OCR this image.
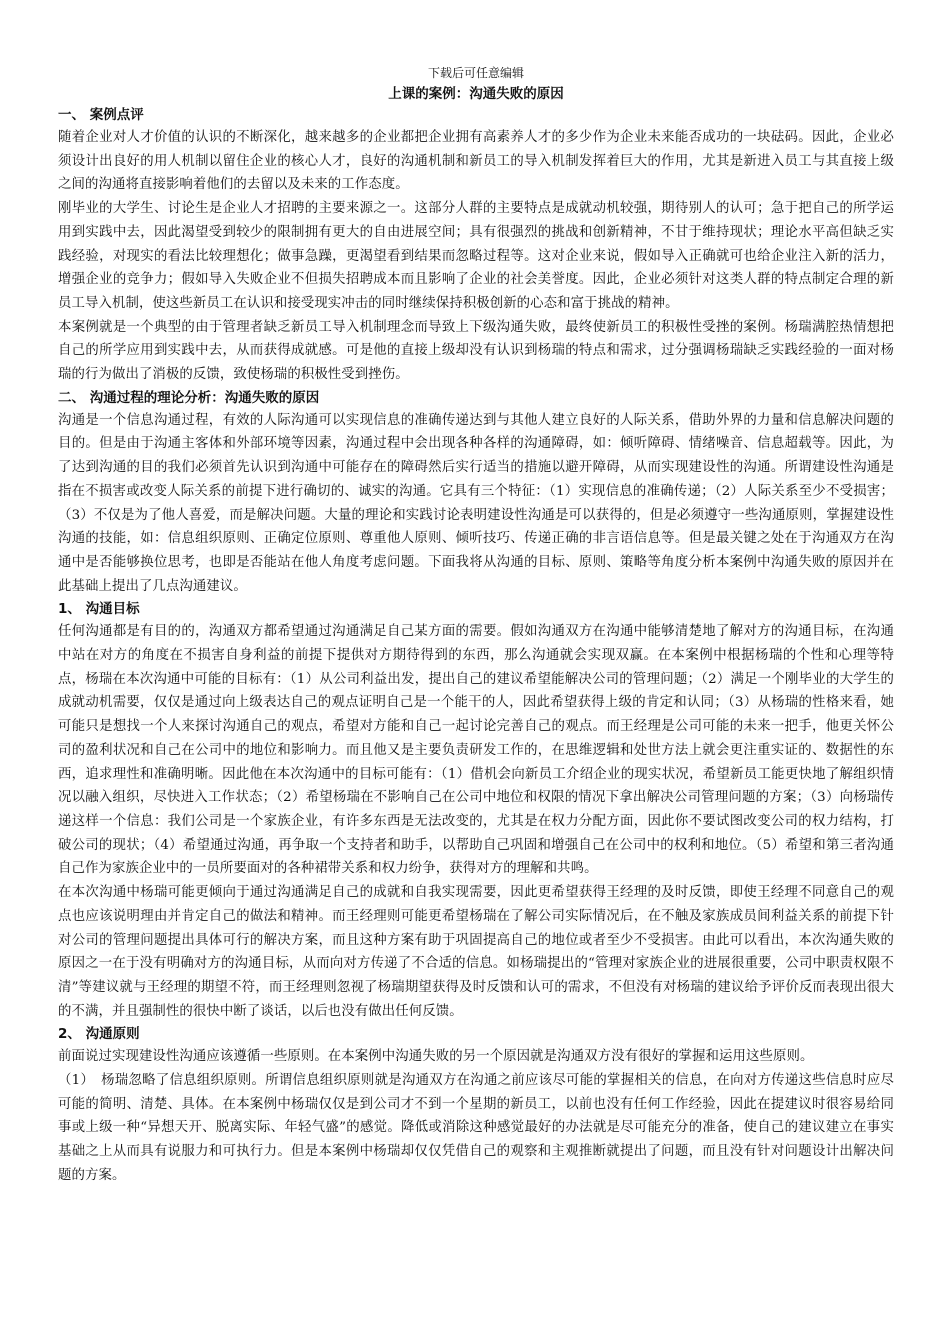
下载后可任意编辑

上课的案例：沟通失败的原因

一、 案例点评

随着企业对人才价值的认识的不断深化，越来越多的企业都把企业拥有高素养人才的多少作为企业未来能否成功的一块砝码。因此，企业必须设计出良好的用人机制以留住企业的核心人才，良好的沟通机制和新员工的导入机制发挥着巨大的作用，尤其是新进入员工与其直接上级之间的沟通将直接影响着他们的去留以及未来的工作态度。

刚毕业的大学生、讨论生是企业人才招聘的主要来源之一。这部分人群的主要特点是成就动机较强，期待别人的认可；急于把自己的所学运用到实践中去，因此渴望受到较少的限制拥有更大的自由进展空间；具有很强烈的挑战和创新精神，不甘于维持现状；理论水平高但缺乏实践经验，对现实的看法比较理想化；做事急躁，更渴望看到结果而忽略过程等。这对企业来说，假如导入正确就可也给企业注入新的活力，增强企业的竞争力；假如导入失败企业不但损失招聘成本而且影响了企业的社会美誉度。因此，企业必须针对这类人群的特点制定合理的新员工导入机制，使这些新员工在认识和接受现实冲击的同时继续保持积极创新的心态和富于挑战的精神。

本案例就是一个典型的由于管理者缺乏新员工导入机制理念而导致上下级沟通失败，最终使新员工的积极性受挫的案例。杨瑞满腔热情想把自己的所学应用到实践中去，从而获得成就感。可是他的直接上级却没有认识到杨瑞的特点和需求，过分强调杨瑞缺乏实践经验的一面对杨瑞的行为做出了消极的反馈，致使杨瑞的积极性受到挫伤。

二、 沟通过程的理论分析：沟通失败的原因

沟通是一个信息沟通过程，有效的人际沟通可以实现信息的准确传递达到与其他人建立良好的人际关系，借助外界的力量和信息解决问题的目的。但是由于沟通主客体和外部环境等因素，沟通过程中会出现各种各样的沟通障碍，如：倾听障碍、情绪噪音、信息超载等。因此，为了达到沟通的目的我们必须首先认识到沟通中可能存在的障碍然后实行适当的措施以避开障碍，从而实现建设性的沟通。所谓建设性沟通是指在不损害或改变人际关系的前提下进行确切的、诚实的沟通。它具有三个特征：（1）实现信息的准确传递；（2）人际关系至少不受损害；（3）不仅是为了他人喜爱，而是解决问题。大量的理论和实践讨论表明建设性沟通是可以获得的，但是必须遵守一些沟通原则，掌握建设性沟通的技能，如：信息组织原则、正确定位原则、尊重他人原则、倾听技巧、传递正确的非言语信息等。但是最关键之处在于沟通双方在沟通中是否能够换位思考，也即是否能站在他人角度考虑问题。下面我将从沟通的目标、原则、策略等角度分析本案例中沟通失败的原因并在此基础上提出了几点沟通建议。

1、 沟通目标

任何沟通都是有目的的，沟通双方都希望通过沟通满足自己某方面的需要。假如沟通双方在沟通中能够清楚地了解对方的沟通目标，在沟通中站在对方的角度在不损害自身利益的前提下提供对方期待得到的东西，那么沟通就会实现双赢。在本案例中根据杨瑞的个性和心理等特点，杨瑞在本次沟通中可能的目标有：（1）从公司利益出发，提出自己的建议希望能解决公司的管理问题；（2）满足一个刚毕业的大学生的成就动机需要，仅仅是通过向上级表达自己的观点证明自己是一个能干的人，因此希望获得上级的肯定和认同；（3）从杨瑞的性格来看，她可能只是想找一个人来探讨沟通自己的观点，希望对方能和自己一起讨论完善自己的观点。而王经理是公司可能的未来一把手，他更关怀公司的盈利状况和自己在公司中的地位和影响力。而且他又是主要负责研发工作的，在思维逻辑和处世方法上就会更注重实证的、数据性的东西，追求理性和准确明晰。因此他在本次沟通中的目标可能有：（1）借机会向新员工介绍企业的现实状况，希望新员工能更快地了解组织情况以融入组织，尽快进入工作状态；（2）希望杨瑞在不影响自己在公司中地位和权限的情况下拿出解决公司管理问题的方案；（3）向杨瑞传递这样一个信息：我们公司是一个家族企业，有许多东西是无法改变的，尤其是在权力分配方面，因此你不要试图改变公司的权力结构，打破公司的现状；（4）希望通过沟通，再争取一个支持者和助手，以帮助自己巩固和增强自己在公司中的权利和地位。（5）希望和第三者沟通自己作为家族企业中的一员所要面对的各种裙带关系和权力纷争，获得对方的理解和共鸣。

在本次沟通中杨瑞可能更倾向于通过沟通满足自己的成就和自我实现需要，因此更希望获得王经理的及时反馈，即使王经理不同意自己的观点也应该说明理由并肯定自己的做法和精神。而王经理则可能更希望杨瑞在了解公司实际情况后，在不触及家族成员间利益关系的前提下针对公司的管理问题提出具体可行的解决方案，而且这种方案有助于巩固提高自己的地位或者至少不受损害。由此可以看出，本次沟通失败的原因之一在于没有明确对方的沟通目标，从而向对方传递了不合适的信息。如杨瑞提出的“管理对家族企业的进展很重要，公司中职责权限不清”等建议就与王经理的期望不符，而王经理则忽视了杨瑞期望获得及时反馈和认可的需求，不但没有对杨瑞的建议给予评价反而表现出很大的不满，并且强制性的很快中断了谈话，以后也没有做出任何反馈。

2、 沟通原则

前面说过实现建设性沟通应该遵循一些原则。在本案例中沟通失败的另一个原因就是沟通双方没有很好的掌握和运用这些原则。

（1）　杨瑞忽略了信息组织原则。所谓信息组织原则就是沟通双方在沟通之前应该尽可能的掌握相关的信息，在向对方传递这些信息时应尽可能的简明、清楚、具体。在本案例中杨瑞仅仅是到公司才不到一个星期的新员工，以前也没有任何工作经验，因此在提建议时很容易给同事或上级一种“异想天开、脱离实际、年轻气盛”的感觉。降低或消除这种感觉最好的办法就是尽可能充分的准备，使自己的建议建立在事实基础之上从而具有说服力和可执行力。但是本案例中杨瑞却仅仅凭借自己的观察和主观推断就提出了问题，而且没有针对问题设计出解决问题的方案。
